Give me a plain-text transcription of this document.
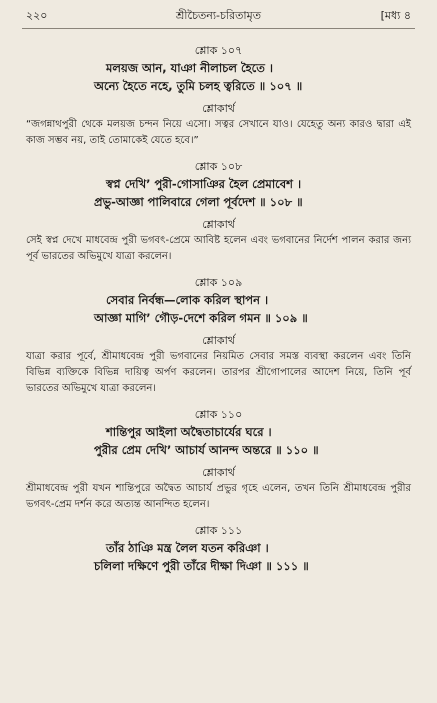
২২০	শ্রীচৈতন্য-চরিতামৃত	[মধ্য ৪
শ্লোক ১০৭
মলয়জ আন, যাঞা নীলাচল হৈতে ।
অন্যে হৈতে নহে, তুমি চলহ ত্বরিতে ॥ ১০৭ ॥
শ্লোকার্থ
“জগন্নাথপুরী থেকে মলয়জ চন্দন নিয়ে এসো। সত্বর সেখানে যাও। যেহেতু অন্য কারও দ্বারা এই কাজ সম্ভব নয়, তাই তোমাকেই যেতে হবে।”
শ্লোক ১০৮
স্বপ্ন দেখি’ পুরী-গোসাঞির হৈল প্রেমাবেশ ।
প্রভু-আজ্ঞা পালিবারে গেলা পূর্বদেশ ॥ ১০৮ ॥
শ্লোকার্থ
সেই স্বপ্ন দেখে মাধবেন্দ্র পুরী ভগবৎ-প্রেমে আবিষ্ট হলেন এবং ভগবানের নির্দেশ পালন করার জন্য পূর্ব ভারতের অভিমুখে যাত্রা করলেন।
শ্লোক ১০৯
সেবার নির্বন্ধ—লোক করিল স্থাপন ।
আজ্ঞা মাগি’ গৌড়-দেশে করিল গমন ॥ ১০৯ ॥
শ্লোকার্থ
যাত্রা করার পূর্বে, শ্রীমাধবেন্দ্র পুরী ভগবানের নিয়মিত সেবার সমস্ত ব্যবস্থা করলেন এবং তিনি বিভিন্ন ব্যক্তিকে বিভিন্ন দায়িত্ব অর্পণ করলেন। তারপর শ্রীগোপালের আদেশ নিয়ে, তিনি পূর্ব ভারতের অভিমুখে যাত্রা করলেন।
শ্লোক ১১০
শান্তিপুর আইলা অদ্বৈতাচার্যের ঘরে ।
পুরীর প্রেম দেখি’ আচার্য আনন্দ অন্তরে ॥ ১১০ ॥
শ্লোকার্থ
শ্রীমাধবেন্দ্র পুরী যখন শান্তিপুরে অদ্বৈত আচার্য প্রভুর গৃহে এলেন, তখন তিনি শ্রীমাধবেন্দ্র পুরীর ভগবৎ-প্রেম দর্শন করে অত্যন্ত আনন্দিত হলেন।
শ্লোক ১১১
তাঁর ঠাঞি মন্ত্র লৈল যতন করিঞা ।
চলিলা দক্ষিণে পুরী তাঁরে দীক্ষা দিঞা ॥ ১১১ ॥
